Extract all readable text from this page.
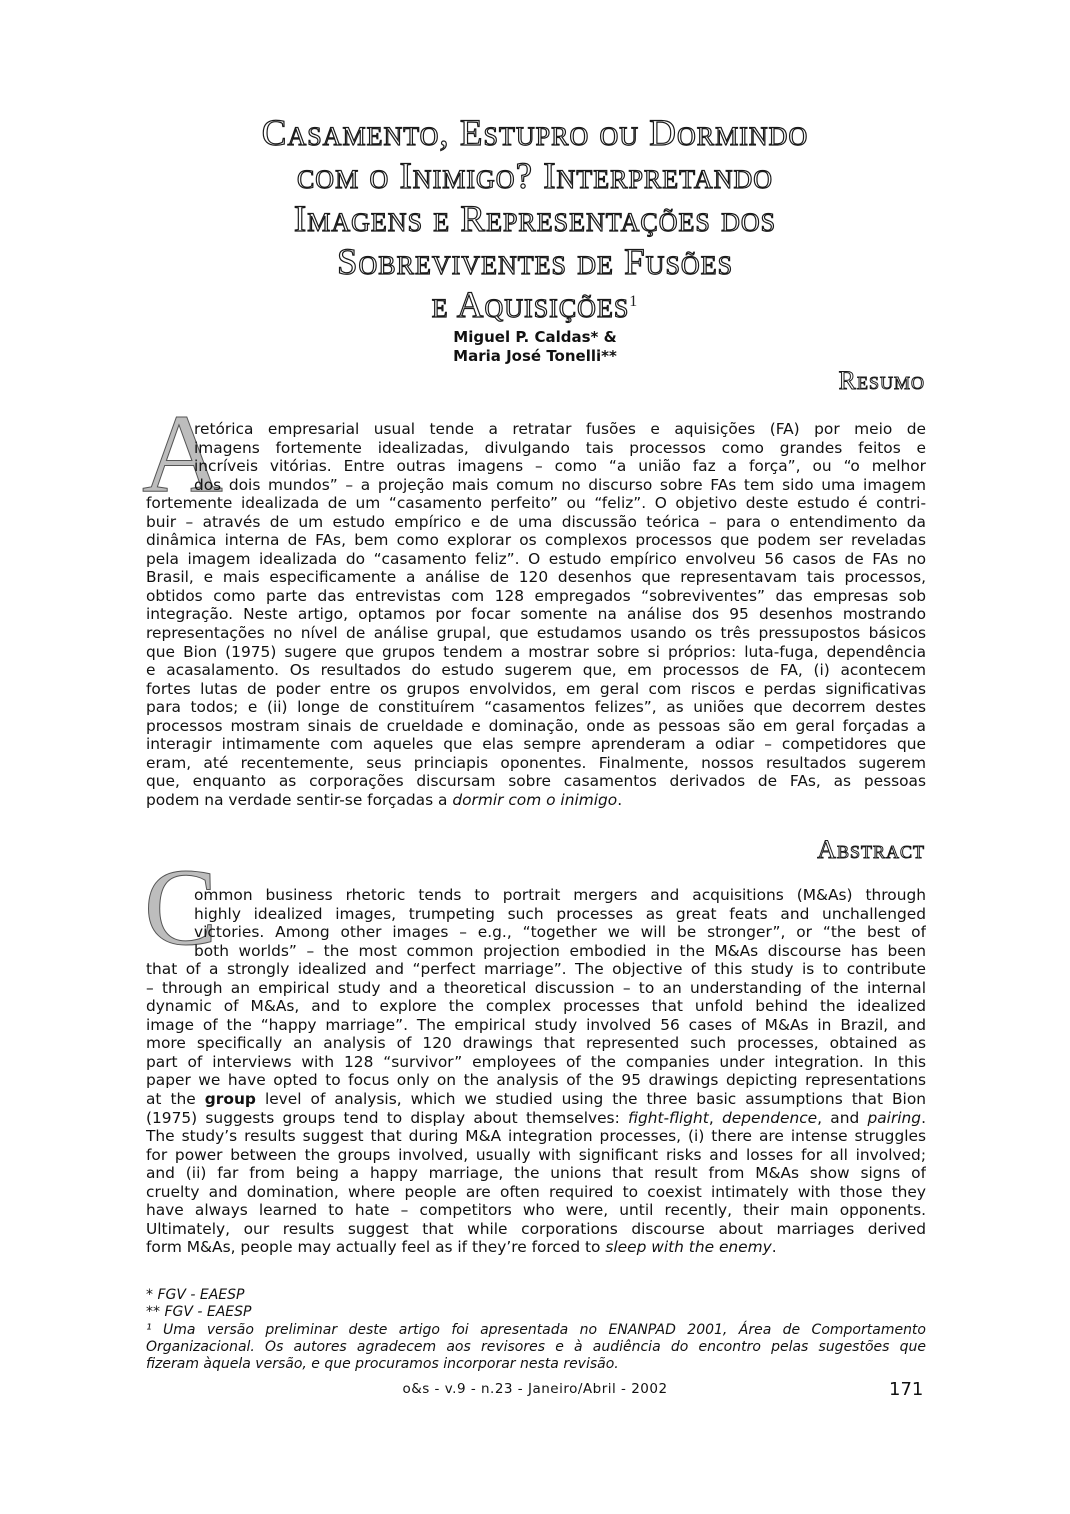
Casamento, Estupro ou Dormindo
com o Inimigo? Interpretando
Imagens e Representações dos
Sobreviventes de Fusões
e Aquisições$^1$
Miguel P. Caldas* &
Maria José Tonelli**
Resumo
A
retórica empresarial usual tende a retratar fusões e aquisições (FA) por meio de
imagens fortemente idealizadas, divulgando tais processos como grandes feitos e
incríveis vitórias. Entre outras imagens – como “a união faz a força”, ou “o melhor
dos dois mundos” – a projeção mais comum no discurso sobre FAs tem sido uma imagem
fortemente idealizada de um “casamento perfeito” ou “feliz”. O objetivo deste estudo é contri-
buir – através de um estudo empírico e de uma discussão teórica – para o entendimento da
dinâmica interna de FAs, bem como explorar os complexos processos que podem ser reveladas
pela imagem idealizada do “casamento feliz”. O estudo empírico envolveu 56 casos de FAs no
Brasil, e mais especificamente a análise de 120 desenhos que representavam tais processos,
obtidos como parte das entrevistas com 128 empregados “sobreviventes” das empresas sob
integração. Neste artigo, optamos por focar somente na análise dos 95 desenhos mostrando
representações no nível de análise grupal, que estudamos usando os três pressupostos básicos
que Bion (1975) sugere que grupos tendem a mostrar sobre si próprios: luta-fuga, dependência
e acasalamento. Os resultados do estudo sugerem que, em processos de FA, (i) acontecem
fortes lutas de poder entre os grupos envolvidos, em geral com riscos e perdas significativas
para todos; e (ii) longe de constituírem “casamentos felizes”, as uniões que decorrem destes
processos mostram sinais de crueldade e dominação, onde as pessoas são em geral forçadas a
interagir intimamente com aqueles que elas sempre aprenderam a odiar – competidores que
eram, até recentemente, seus princiapis oponentes. Finalmente, nossos resultados sugerem
que, enquanto as corporações discursam sobre casamentos derivados de FAs, as pessoas
podem na verdade sentir-se forçadas a dormir com o inimigo.
Abstract
C
ommon business rhetoric tends to portrait mergers and acquisitions (M&As) through
highly idealized images, trumpeting such processes as great feats and unchallenged
victories. Among other images – e.g., “together we will be stronger”, or “the best of
both worlds” – the most common projection embodied in the M&As discourse has been
that of a strongly idealized and “perfect marriage”. The objective of this study is to contribute
– through an empirical study and a theoretical discussion – to an understanding of the internal
dynamic of M&As, and to explore the complex processes that unfold behind the idealized
image of the “happy marriage”. The empirical study involved 56 cases of M&As in Brazil, and
more specifically an analysis of 120 drawings that represented such processes, obtained as
part of interviews with 128 “survivor” employees of the companies under integration. In this
paper we have opted to focus only on the analysis of the 95 drawings depicting representations
at the group level of analysis, which we studied using the three basic assumptions that Bion
(1975) suggests groups tend to display about themselves: fight-flight, dependence, and pairing.
The study’s results suggest that during M&A integration processes, (i) there are intense struggles
for power between the groups involved, usually with significant risks and losses for all involved;
and (ii) far from being a happy marriage, the unions that result from M&As show signs of
cruelty and domination, where people are often required to coexist intimately with those they
have always learned to hate – competitors who were, until recently, their main opponents.
Ultimately, our results suggest that while corporations discourse about marriages derived
form M&As, people may actually feel as if they’re forced to sleep with the enemy.
* FGV - EAESP
** FGV - EAESP
¹ Uma versão preliminar deste artigo foi apresentada no ENANPAD 2001, Área de Comportamento
Organizacional. Os autores agradecem aos revisores e à audiência do encontro pelas sugestões que
fizeram àquela versão, e que procuramos incorporar nesta revisão.
o&s - v.9 - n.23 - Janeiro/Abril - 2002	171
